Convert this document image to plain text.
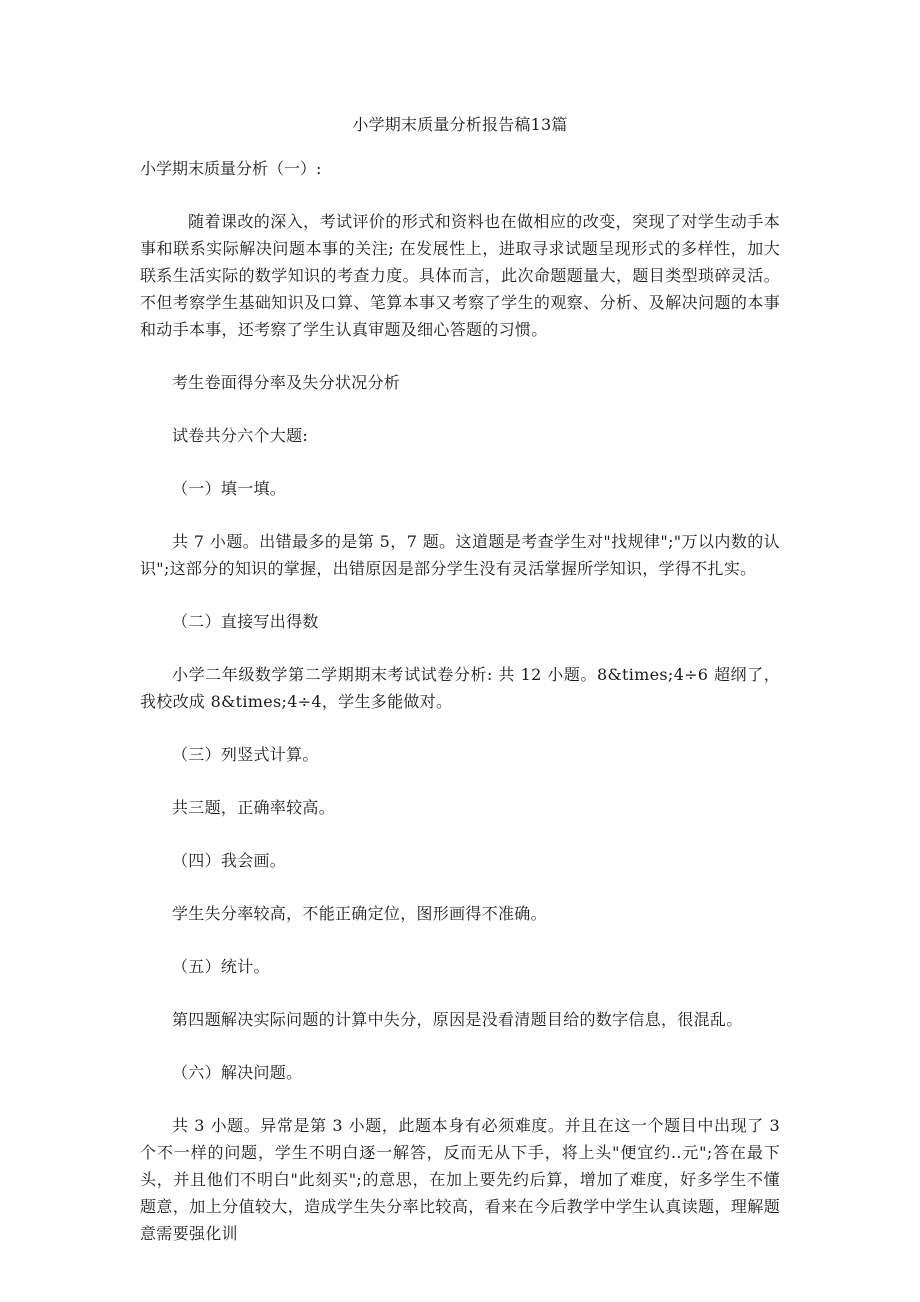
小学期末质量分析报告稿13篇

小学期末质量分析（一）:

随着课改的深入，考试评价的形式和资料也在做相应的改变，突现了对学生动手本事和联系实际解决问题本事的关注; 在发展性上，进取寻求试题呈现形式的多样性，加大联系生活实际的数学知识的考查力度。具体而言，此次命题题量大，题目类型琐碎灵活。不但考察学生基础知识及口算、笔算本事又考察了学生的观察、分析、及解决问题的本事和动手本事，还考察了学生认真审题及细心答题的习惯。

考生卷面得分率及失分状况分析

试卷共分六个大题:

（一）填一填。

共 7 小题。出错最多的是第 5，7 题。这道题是考查学生对"找规律";"万以内数的认识";这部分的知识的掌握，出错原因是部分学生没有灵活掌握所学知识，学得不扎实。

（二）直接写出得数

小学二年级数学第二学期期末考试试卷分析: 共 12 小题。8&times;4÷6 超纲了，我校改成 8&times;4÷4，学生多能做对。

（三）列竖式计算。

共三题，正确率较高。

（四）我会画。

学生失分率较高，不能正确定位，图形画得不准确。

（五）统计。

第四题解决实际问题的计算中失分，原因是没看清题目给的数字信息，很混乱。

（六）解决问题。

共 3 小题。异常是第 3 小题，此题本身有必须难度。并且在这一个题目中出现了 3 个不一样的问题，学生不明白逐一解答，反而无从下手，将上头"便宜约..元";答在最下头，并且他们不明白"此刻买";的意思，在加上要先约后算，增加了难度，好多学生不懂题意，加上分值较大，造成学生失分率比较高，看来在今后教学中学生认真读题，理解题意需要强化训
